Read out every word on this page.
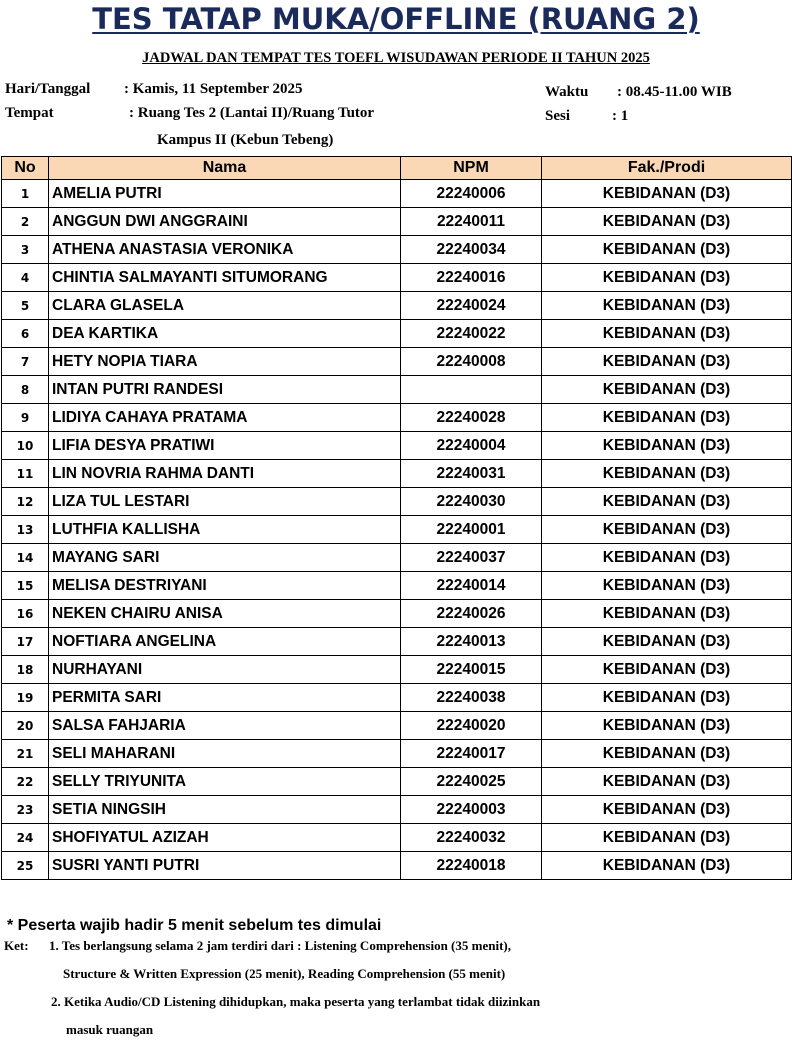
TES TATAP MUKA/OFFLINE (RUANG 2)
JADWAL DAN TEMPAT TES TOEFL WISUDAWAN PERIODE II TAHUN 2025
Hari/Tanggal : Kamis, 11 September 2025
Tempat	: Ruang Tes 2 (Lantai II)/Ruang Tutor
Kampus II (Kebun Tebeng)
Waktu : 08.45-11.00 WIB
Sesi	: 1
No	Nama	NPM	Fak./Prodi
1	AMELIA PUTRI	22240006	KEBIDANAN (D3)
2	ANGGUN DWI ANGGRAINI	22240011	KEBIDANAN (D3)
3	ATHENA ANASTASIA VERONIKA	22240034	KEBIDANAN (D3)
4	CHINTIA SALMAYANTI SITUMORANG	22240016	KEBIDANAN (D3)
5	CLARA GLASELA	22240024	KEBIDANAN (D3)
6	DEA KARTIKA	22240022	KEBIDANAN (D3)
7	HETY NOPIA TIARA	22240008	KEBIDANAN (D3)
8	INTAN PUTRI RANDESI		KEBIDANAN (D3)
9	LIDIYA CAHAYA PRATAMA	22240028	KEBIDANAN (D3)
10	LIFIA DESYA PRATIWI	22240004	KEBIDANAN (D3)
11	LIN NOVRIA RAHMA DANTI	22240031	KEBIDANAN (D3)
12	LIZA TUL LESTARI	22240030	KEBIDANAN (D3)
13	LUTHFIA KALLISHA	22240001	KEBIDANAN (D3)
14	MAYANG SARI	22240037	KEBIDANAN (D3)
15	MELISA DESTRIYANI	22240014	KEBIDANAN (D3)
16	NEKEN CHAIRU ANISA	22240026	KEBIDANAN (D3)
17	NOFTIARA ANGELINA	22240013	KEBIDANAN (D3)
18	NURHAYANI	22240015	KEBIDANAN (D3)
19	PERMITA SARI	22240038	KEBIDANAN (D3)
20	SALSA FAHJARIA	22240020	KEBIDANAN (D3)
21	SELI MAHARANI	22240017	KEBIDANAN (D3)
22	SELLY TRIYUNITA	22240025	KEBIDANAN (D3)
23	SETIA NINGSIH	22240003	KEBIDANAN (D3)
24	SHOFIYATUL AZIZAH	22240032	KEBIDANAN (D3)
25	SUSRI YANTI PUTRI	22240018	KEBIDANAN (D3)
* Peserta wajib hadir 5 menit sebelum tes dimulai
Ket: 1. Tes berlangsung selama 2 jam terdiri dari : Listening Comprehension (35 menit),
Structure & Written Expression (25 menit), Reading Comprehension (55 menit)
2. Ketika Audio/CD Listening dihidupkan, maka peserta yang terlambat tidak diizinkan
masuk ruangan
